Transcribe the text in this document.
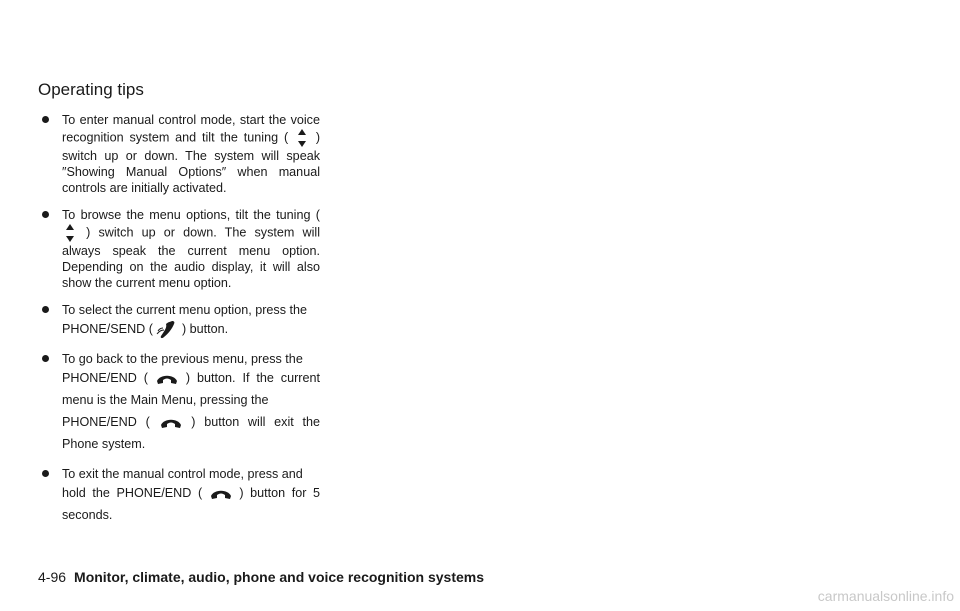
Operating tips
To enter manual control mode, start the voice recognition system and tilt the tuning ( ) switch up or down. The system will speak ″Showing Manual Options″ when manual controls are initially activated.
To browse the menu options, tilt the tuning (
) switch up or down. The system will always speak the current menu option. Depending on the audio display, it will also show the current menu option.
To select the current menu option, press the
PHONE/SEND ( ) button.
To go back to the previous menu, press the
PHONE/END (	) button. If the current menu is the Main Menu, pressing the
PHONE/END (	) button will exit the Phone system.
To exit the manual control mode, press and
hold the PHONE/END (	) button for 5 seconds.
4-96 Monitor, climate, audio, phone and voice recognition systems
carmanualsonline.info
